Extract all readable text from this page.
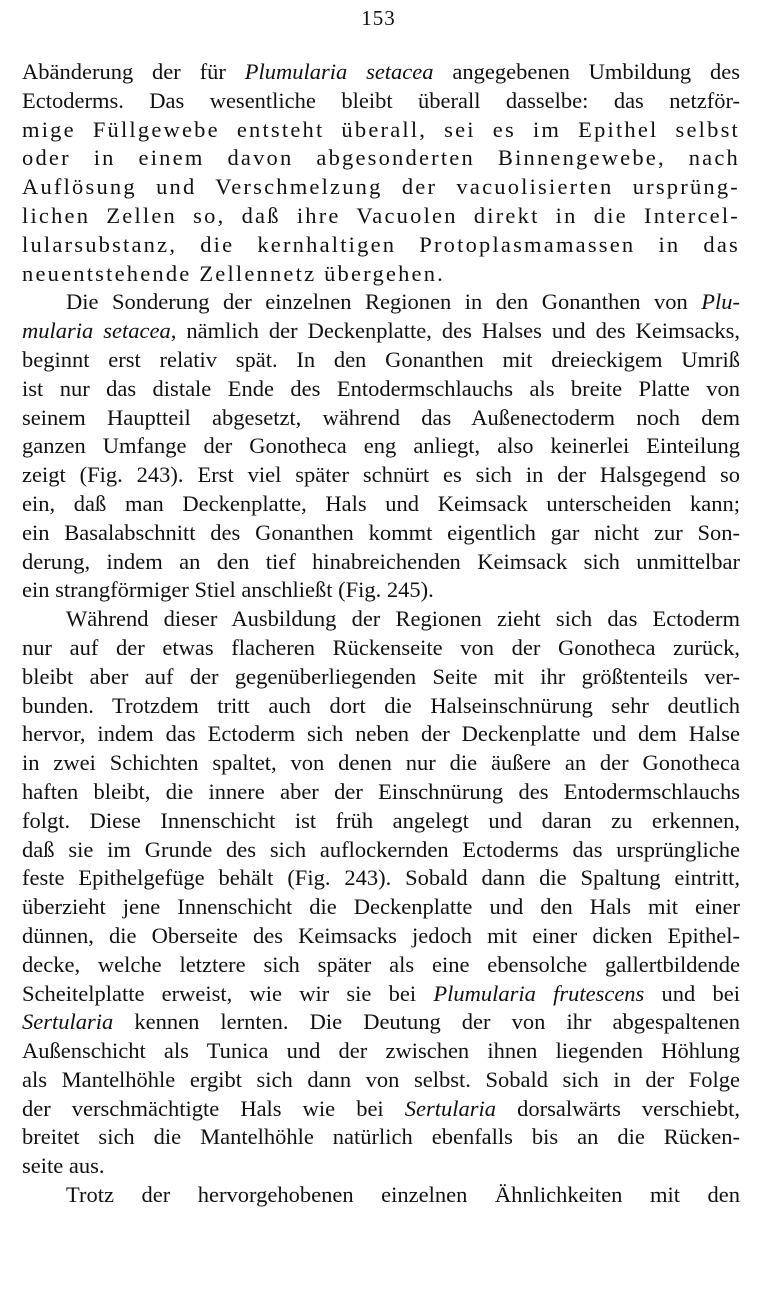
153
Abänderung der für Plumularia setacea angegebenen Umbildung des
Ectoderms. Das wesentliche bleibt überall dasselbe: das netzför-
mige Füllgewebe entsteht überall, sei es im Epithel selbst
oder in einem davon abgesonderten Binnengewebe, nach
Auflösung und Verschmelzung der vacuolisierten ursprüng-
lichen Zellen so, daß ihre Vacuolen direkt in die Intercel-
lularsubstanz, die kernhaltigen Protoplasmamassen in das
neuentstehende Zellennetz übergehen.
Die Sonderung der einzelnen Regionen in den Gonanthen von Plu-
mularia setacea, nämlich der Deckenplatte, des Halses und des Keimsacks,
beginnt erst relativ spät. In den Gonanthen mit dreieckigem Umriß
ist nur das distale Ende des Entodermschlauchs als breite Platte von
seinem Hauptteil abgesetzt, während das Außenectoderm noch dem
ganzen Umfange der Gonotheca eng anliegt, also keinerlei Einteilung
zeigt (Fig. 243). Erst viel später schnürt es sich in der Halsgegend so
ein, daß man Deckenplatte, Hals und Keimsack unterscheiden kann;
ein Basalabschnitt des Gonanthen kommt eigentlich gar nicht zur Son-
derung, indem an den tief hinabreichenden Keimsack sich unmittelbar
ein strangförmiger Stiel anschließt (Fig. 245).
Während dieser Ausbildung der Regionen zieht sich das Ectoderm
nur auf der etwas flacheren Rückenseite von der Gonotheca zurück,
bleibt aber auf der gegenüberliegenden Seite mit ihr größtenteils ver-
bunden. Trotzdem tritt auch dort die Halseinschnürung sehr deutlich
hervor, indem das Ectoderm sich neben der Deckenplatte und dem Halse
in zwei Schichten spaltet, von denen nur die äußere an der Gonotheca
haften bleibt, die innere aber der Einschnürung des Entodermschlauchs
folgt. Diese Innenschicht ist früh angelegt und daran zu erkennen,
daß sie im Grunde des sich auflockernden Ectoderms das ursprüngliche
feste Epithelgefüge behält (Fig. 243). Sobald dann die Spaltung eintritt,
überzieht jene Innenschicht die Deckenplatte und den Hals mit einer
dünnen, die Oberseite des Keimsacks jedoch mit einer dicken Epithel-
decke, welche letztere sich später als eine ebensolche gallertbildende
Scheitelplatte erweist, wie wir sie bei Plumularia frutescens und bei
Sertularia kennen lernten. Die Deutung der von ihr abgespaltenen
Außenschicht als Tunica und der zwischen ihnen liegenden Höhlung
als Mantelhöhle ergibt sich dann von selbst. Sobald sich in der Folge
der verschmächtigte Hals wie bei Sertularia dorsalwärts verschiebt,
breitet sich die Mantelhöhle natürlich ebenfalls bis an die Rücken-
seite aus.
Trotz der hervorgehobenen einzelnen Ähnlichkeiten mit den
